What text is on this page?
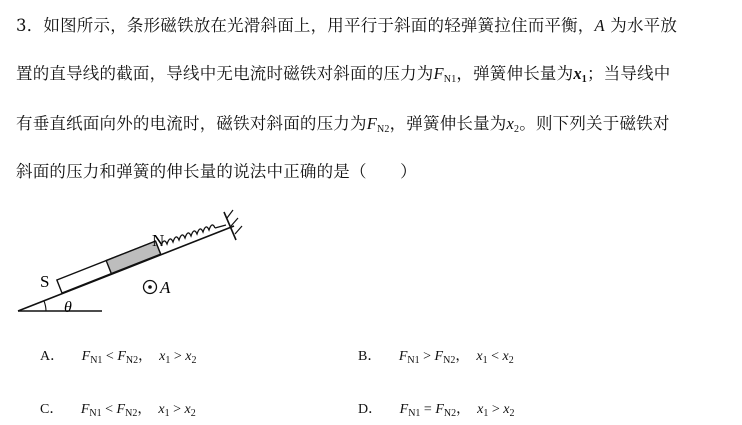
3．如图所示，条形磁铁放在光滑斜面上，用平行于斜面的轻弹簧拉住而平衡，A 为水平放
置的直导线的截面，导线中无电流时磁铁对斜面的压力为$F_{N1}$，弹簧伸长量为$x_1$；当导线中
有垂直纸面向外的电流时，磁铁对斜面的压力为$F_{N2}$，弹簧伸长量为$x_2$。则下列关于磁铁对
斜面的压力和弹簧的伸长量的说法中正确的是（　　）
θ
S
N
A
A． $F_{N1} < F_{N2}$，  $x_1 > x_2$	B． $F_{N1} > F_{N2}$，  $x_1 < x_2$
C． $F_{N1} < F_{N2}$，  $x_1 > x_2$	D． $F_{N1} = F_{N2}$，  $x_1 > x_2$
